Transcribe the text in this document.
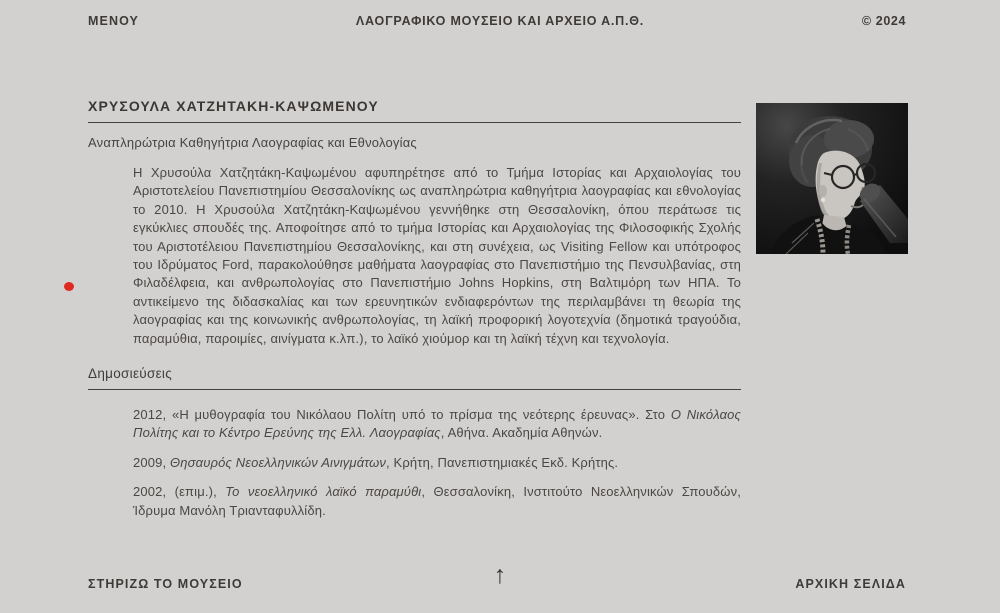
ΜΕΝΟΥ	ΛΑΟΓΡΑΦΙΚΟ ΜΟΥΣΕΙΟ ΚΑΙ ΑΡΧΕΙΟ Α.Π.Θ.	© 2024
ΧΡΥΣΟΥΛΑ ΧΑΤΖΗΤΑΚΗ-ΚΑΨΩΜΕΝΟΥ

Αναπληρώτρια Καθηγήτρια Λαογραφίας και Εθνολογίας

Η Χρυσούλα Χατζητάκη-Καψωμένου αφυπηρέτησε από το Τμήμα Ιστορίας και Αρχαιολογίας του Αριστοτελείου Πανεπιστημίου Θεσσαλονίκης ως αναπληρώτρια καθηγήτρια λαογραφίας και εθνολογίας το 2010. Η Χρυσούλα Χατζητάκη-Καψωμένου γεννήθηκε στη Θεσσαλονίκη, όπου περάτωσε τις εγκύκλιες σπουδές της. Αποφοίτησε από το τμήμα Ιστορίας και Αρχαιολογίας της Φιλοσοφικής Σχολής του Αριστοτέλειου Πανεπιστημίου Θεσσαλονίκης, και στη συνέχεια, ως Visiting Fellow και υπότροφος του Ιδρύματος Ford, παρακολούθησε μαθήματα λαογραφίας στο Πανεπιστήμιο της Πενσυλβανίας, στη Φιλαδέλφεια, και ανθρωπολογίας στο Πανεπιστήμιο Johns Hopkins, στη Βαλτιμόρη των ΗΠΑ. Το αντικείμενο της διδασκαλίας και των ερευνητικών ενδιαφερόντων της περιλαμβάνει τη θεωρία της λαογραφίας και της κοινωνικής ανθρωπολογίας, τη λαϊκή προφορική λογοτεχνία (δημοτικά τραγούδια, παραμύθια, παροιμίες, αινίγματα κ.λπ.), το λαϊκό χιούμορ και τη λαϊκή τέχνη και τεχνολογία.

Δημοσιεύσεις
2012, «Η μυθογραφία του Νικόλαου Πολίτη υπό το πρίσμα της νεότερης έρευνας». Στο Ο Νικόλαος Πολίτης και το Κέντρο Ερεύνης της Ελλ. Λαογραφίας, Αθήνα. Ακαδημία Αθηνών.
2009, Θησαυρός Νεοελληνικών Αινιγμάτων, Κρήτη, Πανεπιστημιακές Εκδ. Κρήτης.
2002, (επιμ.), Το νεοελληνικό λαϊκό παραμύθι, Θεσσαλονίκη, Ινστιτούτο Νεοελληνικών Σπουδών, Ίδρυμα Μανόλη Τριανταφυλλίδη.
ΣΤΗΡΙΖΩ ΤΟ ΜΟΥΣΕΙΟ	↑	ΑΡΧΙΚΗ ΣΕΛΙΔΑ
